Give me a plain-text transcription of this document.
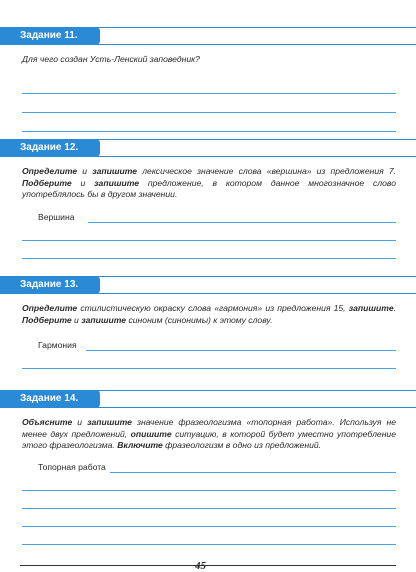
Задание 11.
Для чего создан Усть-Ленский заповедник?
Задание 12.
Определите и запишите лексическое значение слова «вершина» из предложения 7. Подберите и запишите предложение, в котором данное многозначное слово употреблялось бы в другом значении.
Вершина
Задание 13.
Определите стилистическую окраску слова «гармония» из предложения 15, запишите. Подберите и запишите синоним (синонимы) к этому слову.
Гармония
Задание 14.
Объясните и запишите значение фразеологизма «топорная работа». Используя не менее двух предложений, опишите ситуацию, в которой будет уместно употребление этого фразеологизма. Включите фразеологизм в одно из предложений.
Топорная работа
45
